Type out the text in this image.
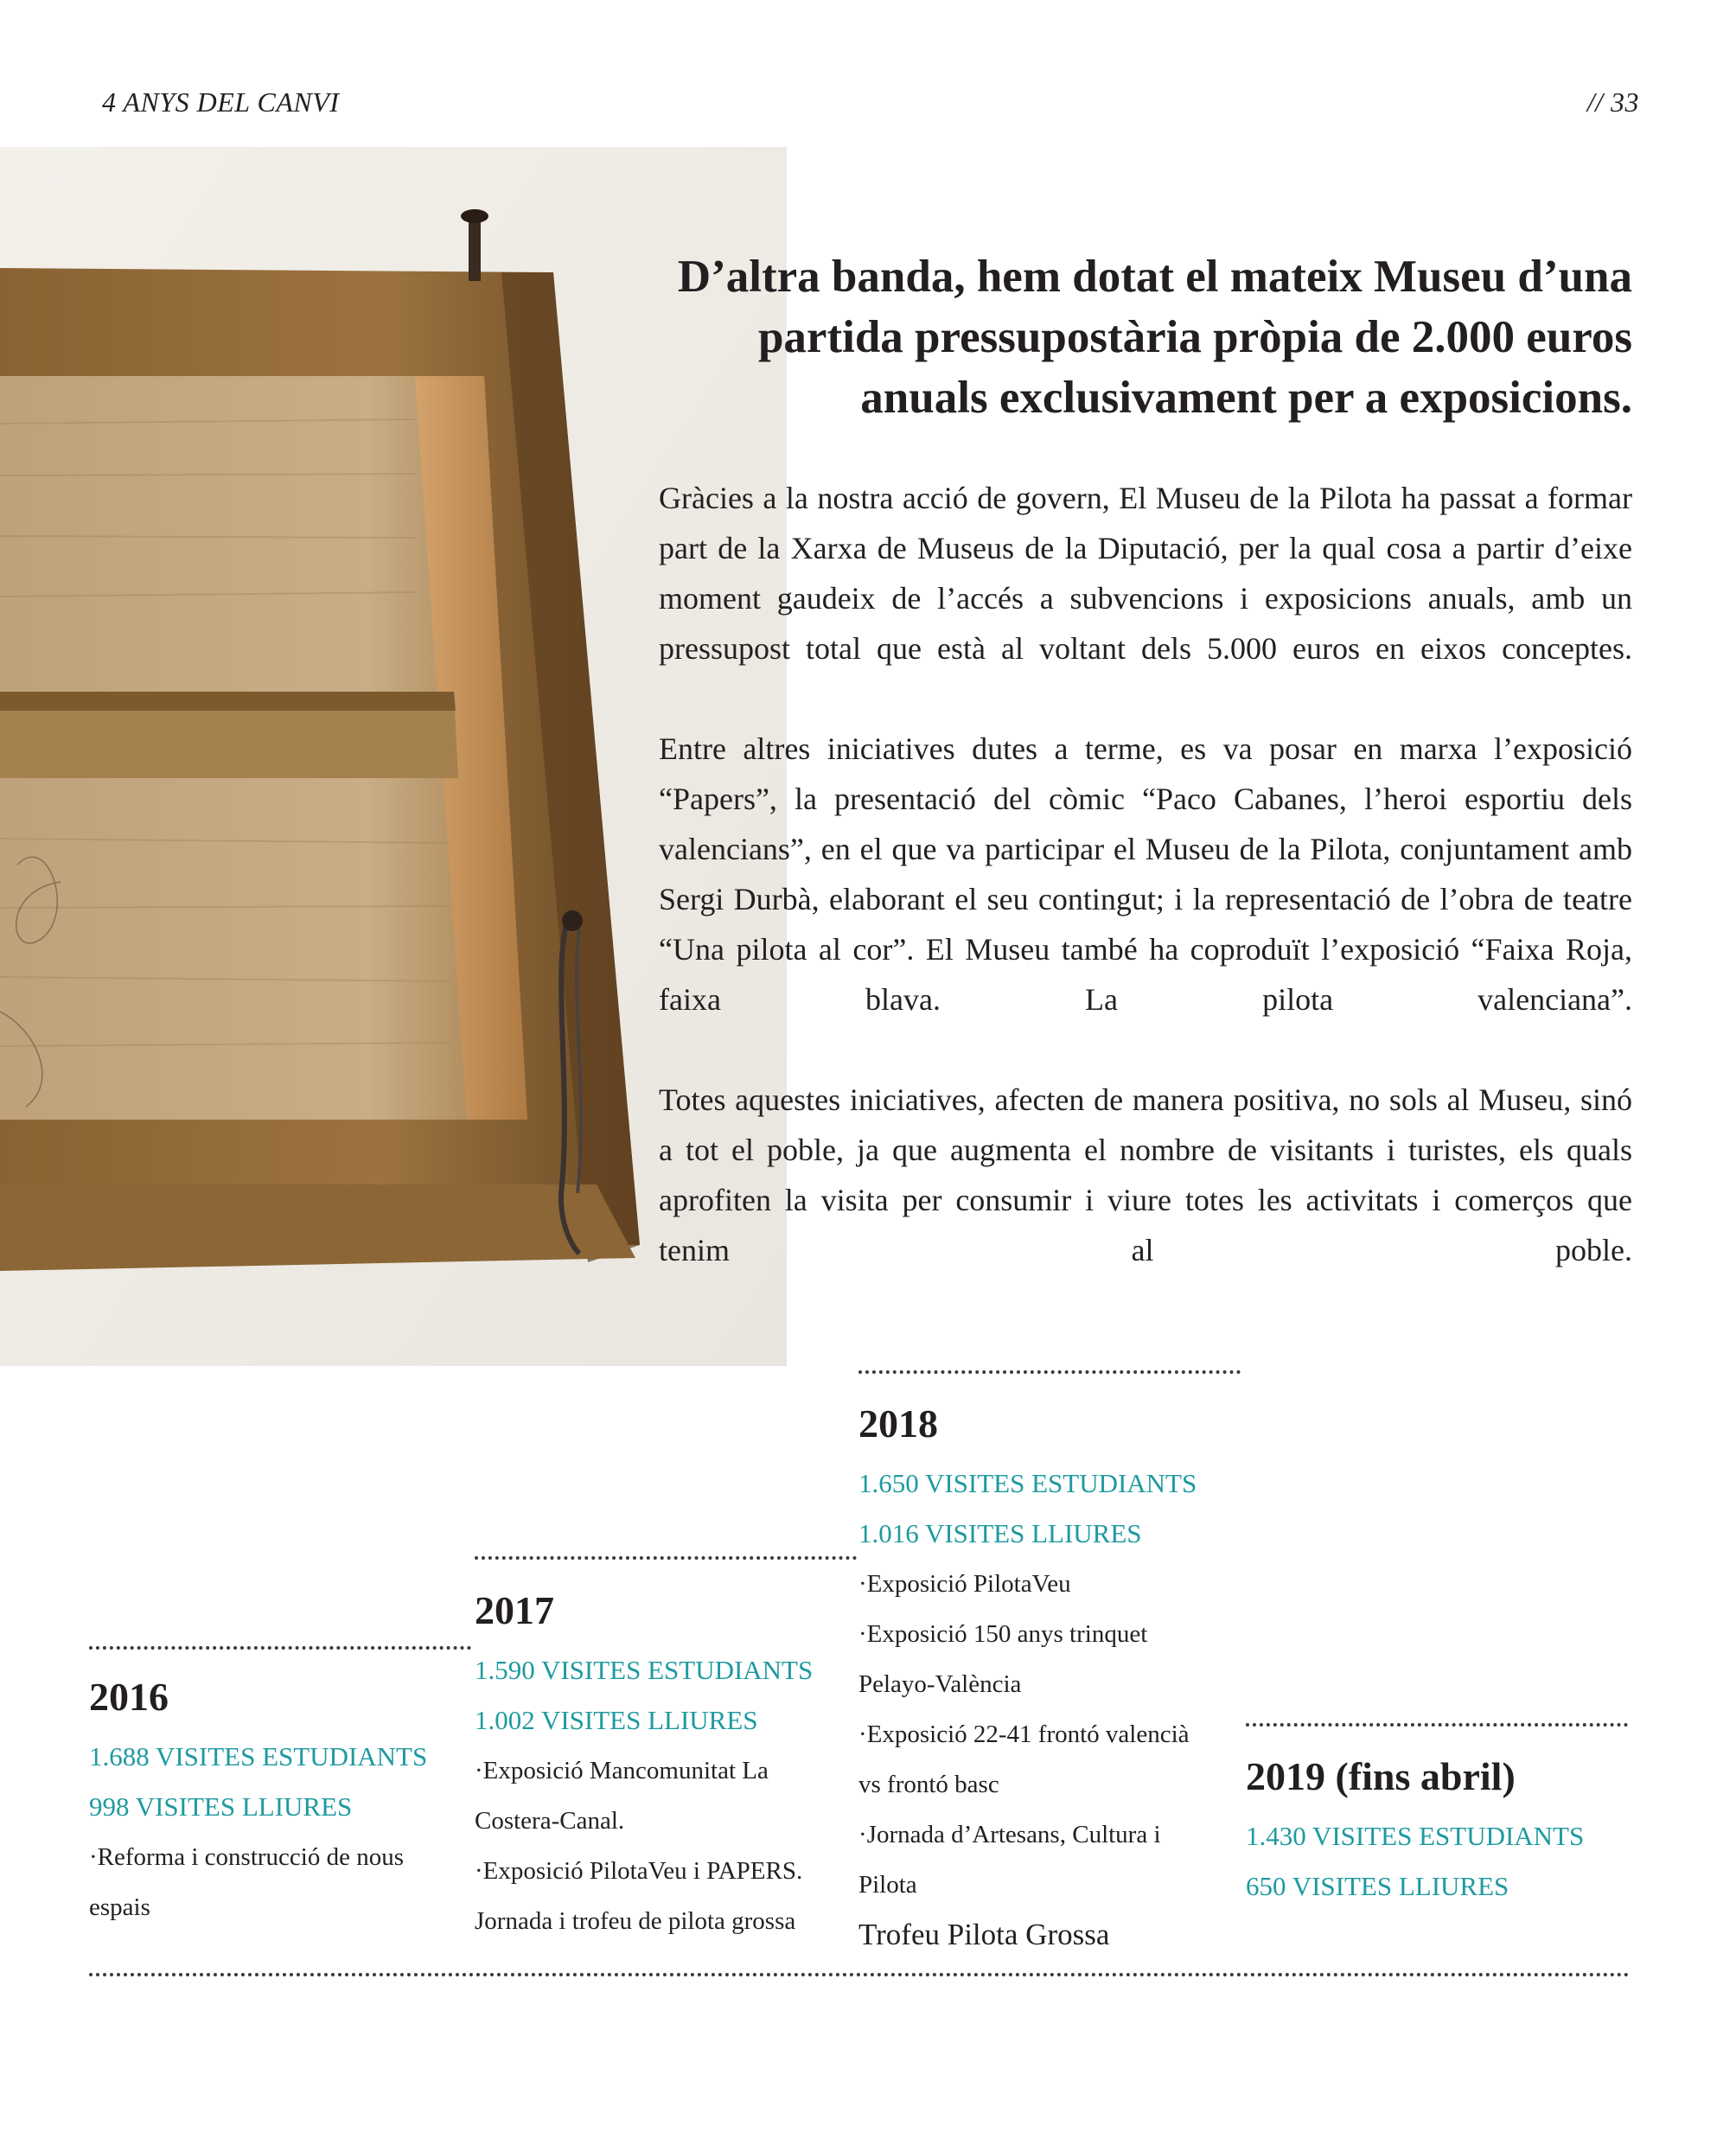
4 ANYS DEL CANVI	// 33
D’altra banda, hem dotat el mateix Museu d’una partida pressupostària pròpia de 2.000 euros anuals exclusivament per a exposicions.

Gràcies a la nostra acció de govern, El Museu de la Pilota ha passat a formar part de la Xarxa de Museus de la Diputació, per la qual cosa a partir d’eixe moment gaudeix de l’accés a subvencions i exposicions anuals, amb un pressupost total que està al voltant dels 5.000 euros en eixos conceptes.

Entre altres iniciatives dutes a terme, es va posar en marxa l’exposició “Papers”, la presentació del còmic “Paco Cabanes, l’heroi esportiu dels valencians”, en el que va participar el Museu de la Pilota, conjuntament amb Sergi Durbà, elaborant el seu contingut; i la representació de l’obra de teatre “Una pilota al cor”. El Museu també ha coproduït l’exposició “Faixa Roja, faixa blava. La pilota valenciana”.

Totes aquestes iniciatives, afecten de manera positiva, no sols al Museu, sinó a tot el poble, ja que augmenta el nombre de visitants i turistes, els quals aprofiten la visita per consumir i viure totes les activitats i comerços que tenim al poble.

2016
1.688 VISITES ESTUDIANTS
998 VISITES LLIURES
·Reforma i construcció de nous
espais
2017
1.590 VISITES ESTUDIANTS
1.002 VISITES LLIURES
·Exposició Mancomunitat La
Costera-Canal.
·Exposició PilotaVeu i PAPERS.
Jornada i trofeu de pilota grossa
2018
1.650 VISITES ESTUDIANTS
1.016 VISITES LLIURES
·Exposició PilotaVeu
·Exposició 150 anys trinquet
Pelayo-València
·Exposició 22-41 frontó valencià
vs frontó basc
·Jornada d’Artesans, Cultura i
Pilota
Trofeu Pilota Grossa
2019 (fins abril)
1.430 VISITES ESTUDIANTS
650 VISITES LLIURES
